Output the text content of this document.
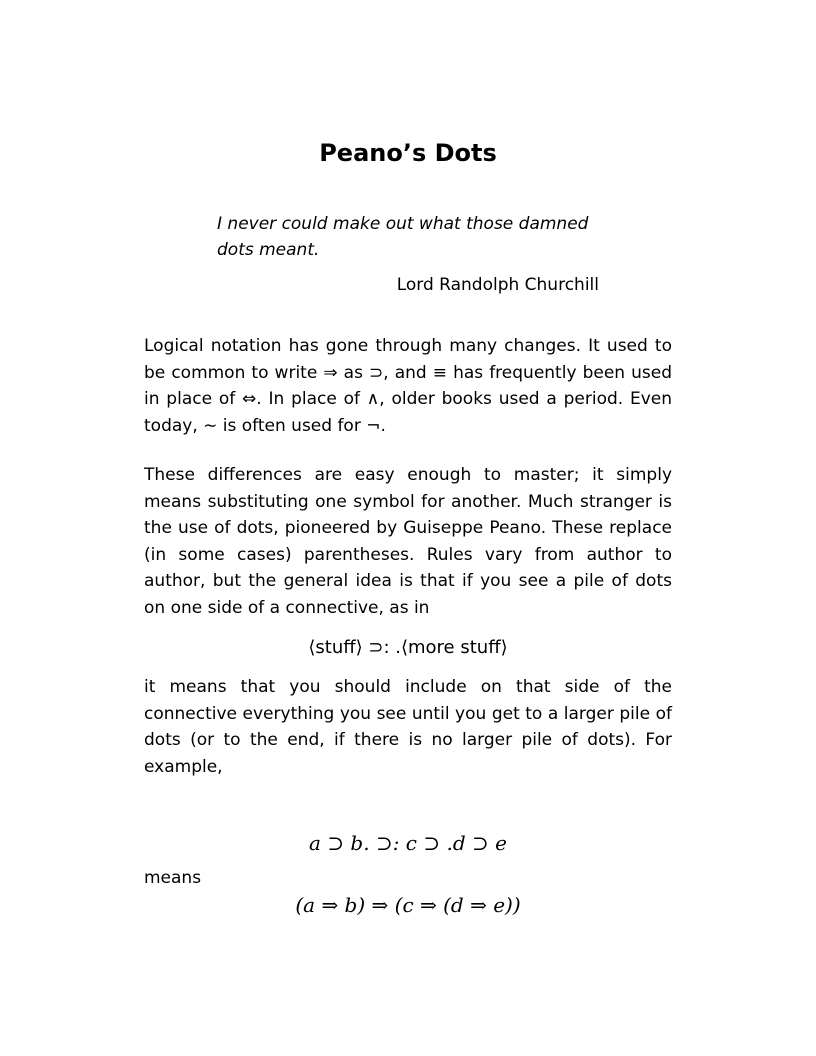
Peano’s Dots
I never could make out what those damned dots meant.
Lord Randolph Churchill
Logical notation has gone through many changes. It used to be common to write ⇒ as ⊃, and ≡ has frequently been used in place of ⇔. In place of ∧, older books used a period. Even today, ∼ is often used for ¬.
These differences are easy enough to master; it simply means substituting one symbol for another. Much stranger is the use of dots, pioneered by Guiseppe Peano. These replace (in some cases) parentheses. Rules vary from author to author, but the general idea is that if you see a pile of dots on one side of a connective, as in
⟨stuff⟩ ⊃: .⟨more stuff⟩
it means that you should include on that side of the connective everything you see until you get to a larger pile of dots (or to the end, if there is no larger pile of dots). For example,
a ⊃ b. ⊃: c ⊃ .d ⊃ e
means
(a ⇒ b) ⇒ (c ⇒ (d ⇒ e))
